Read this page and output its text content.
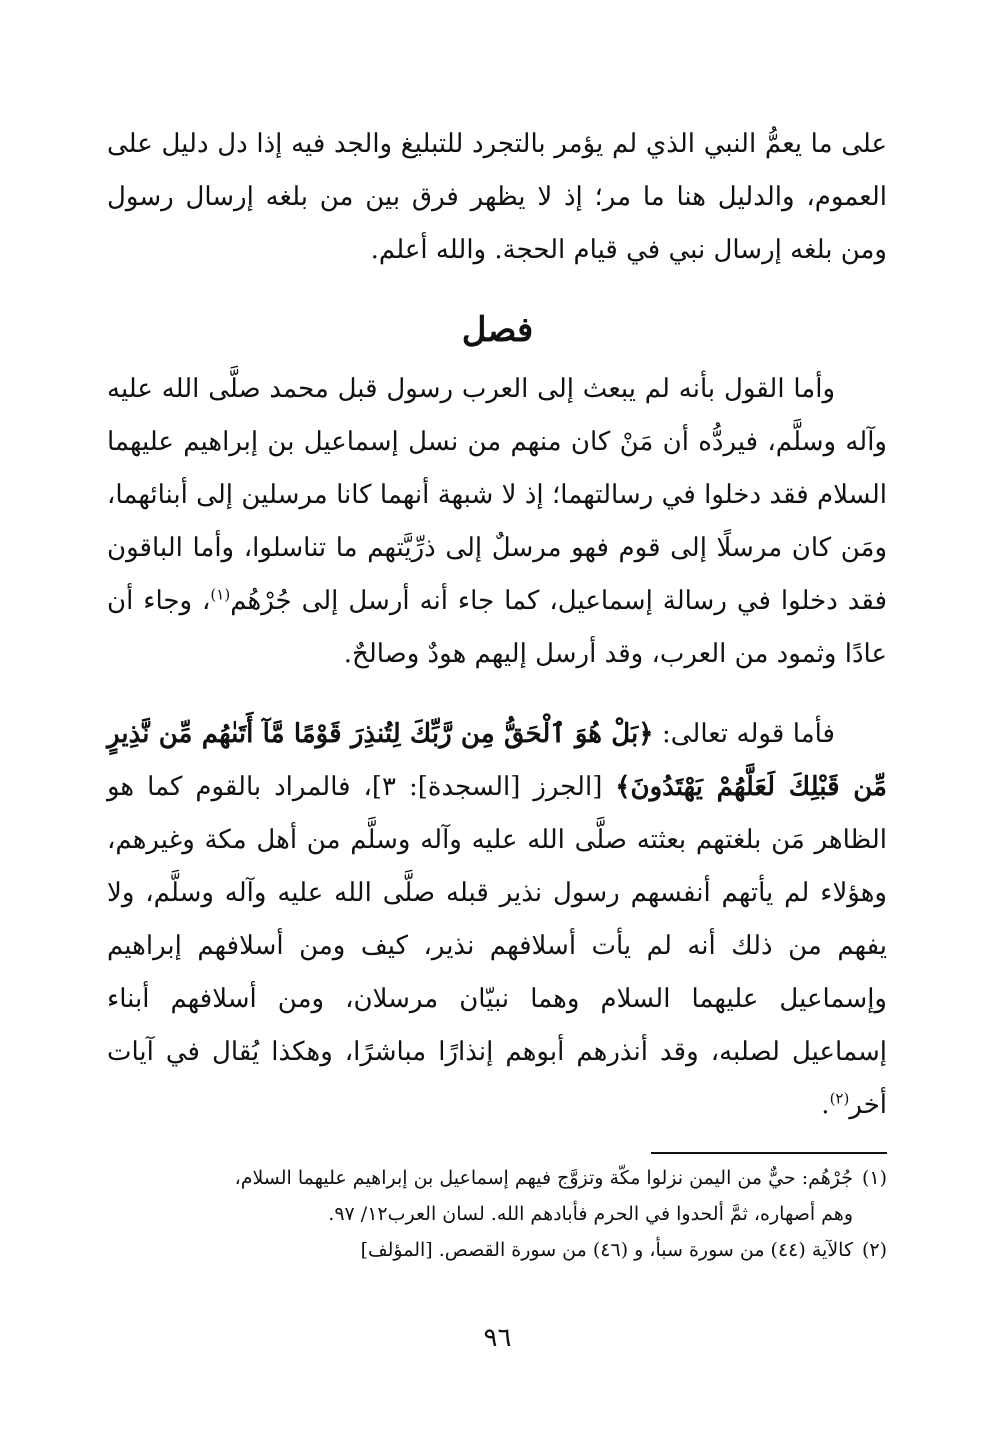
على ما يعمُّ النبي الذي لم يؤمر بالتجرد للتبليغ والجد فيه إذا دل دليل على العموم، والدليل هنا ما مر؛ إذ لا يظهر فرق بين من بلغه إرسال رسول ومن بلغه إرسال نبي في قيام الحجة. والله أعلم.

فصل

وأما القول بأنه لم يبعث إلى العرب رسول قبل محمد صلَّى الله عليه وآله وسلَّم، فيردُّه أن مَنْ كان منهم من نسل إسماعيل بن إبراهيم عليهما السلام فقد دخلوا في رسالتهما؛ إذ لا شبهة أنهما كانا مرسلين إلى أبنائهما، ومَن كان مرسلًا إلى قوم فهو مرسلٌ إلى ذرِّيَّتهم ما تناسلوا، وأما الباقون فقد دخلوا في رسالة إسماعيل، كما جاء أنه أرسل إلى جُرْهُم$^{(١)}$، وجاء أن عادًا وثمود من العرب، وقد أرسل إليهم هودٌ وصالحٌ.

فأما قوله تعالى: ﴿بَلْ هُوَ ٱلْحَقُّ مِن رَّبِّكَ لِتُنذِرَ قَوْمًا مَّآ أَتَىٰهُم مِّن نَّذِيرٍ مِّن قَبْلِكَ لَعَلَّهُمْ يَهْتَدُونَ﴾ [الجرز [السجدة]: ٣]، فالمراد بالقوم كما هو الظاهر مَن بلغتهم بعثته صلَّى الله عليه وآله وسلَّم من أهل مكة وغيرهم، وهؤلاء لم يأتهم أنفسهم رسول نذير قبله صلَّى الله عليه وآله وسلَّم، ولا يفهم من ذلك أنه لم يأت أسلافهم نذير، كيف ومن أسلافهم إبراهيم وإسماعيل عليهما السلام وهما نبيّان مرسلان، ومن أسلافهم أبناء إسماعيل لصلبه، وقد أنذرهم أبوهم إنذارًا مباشرًا، وهكذا يُقال في آيات أخر$^{(٢)}$.

(١)جُرْهُم: حيٌّ من اليمن نزلوا مكّة وتزوَّج فيهم إسماعيل بن إبراهيم عليهما السلام،

وهم أصهاره، ثمَّ ألحدوا في الحرم فأبادهم الله. لسان العرب١٢/ ٩٧.

(٢)كالآية (٤٤) من سورة سبأ، و (٤٦) من سورة القصص. [المؤلف]

٩٦
